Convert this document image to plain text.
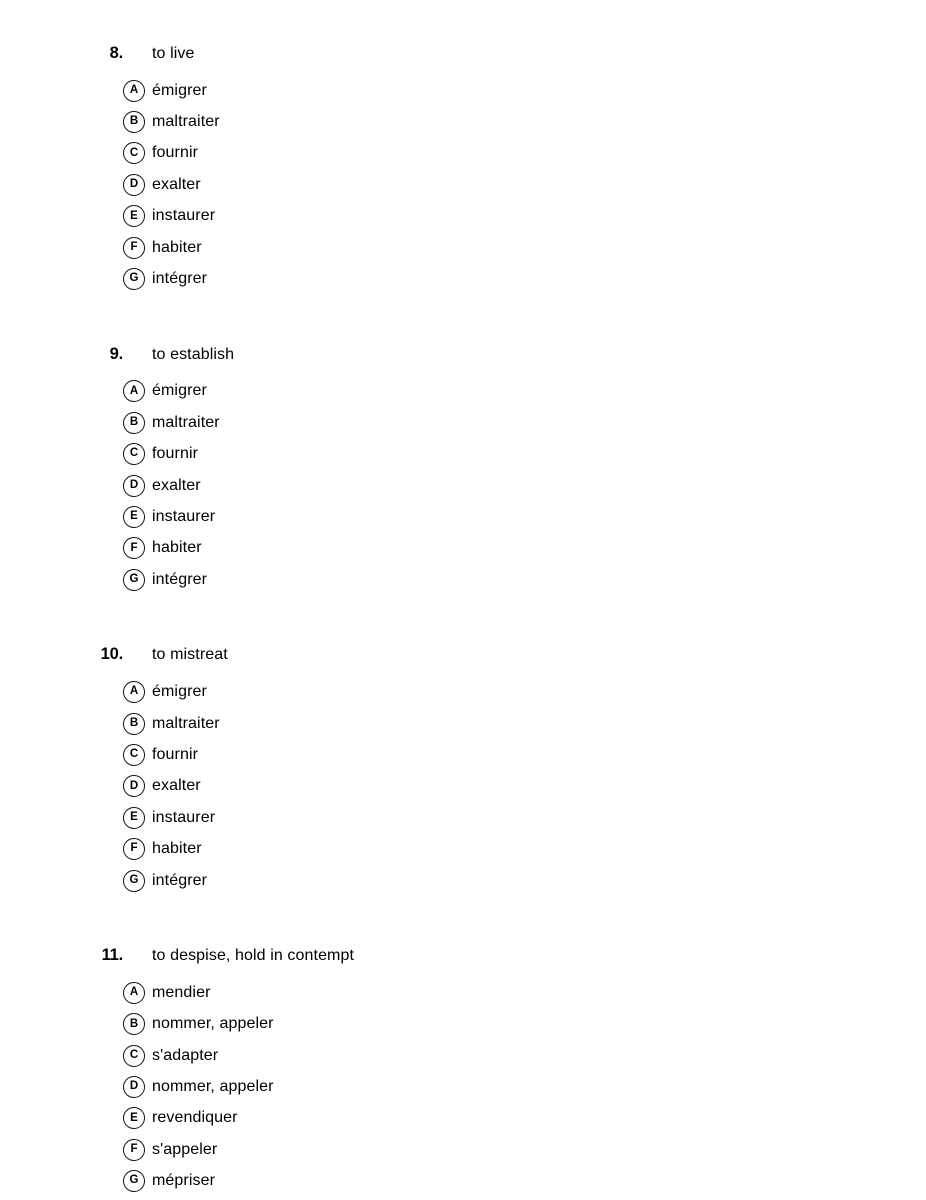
8. to live
A émigrer
B maltraiter
C fournir
D exalter
E instaurer
F habiter
G intégrer
9. to establish
A émigrer
B maltraiter
C fournir
D exalter
E instaurer
F habiter
G intégrer
10. to mistreat
A émigrer
B maltraiter
C fournir
D exalter
E instaurer
F habiter
G intégrer
11. to despise, hold in contempt
A mendier
B nommer, appeler
C s'adapter
D nommer, appeler
E revendiquer
F s'appeler
G mépriser
